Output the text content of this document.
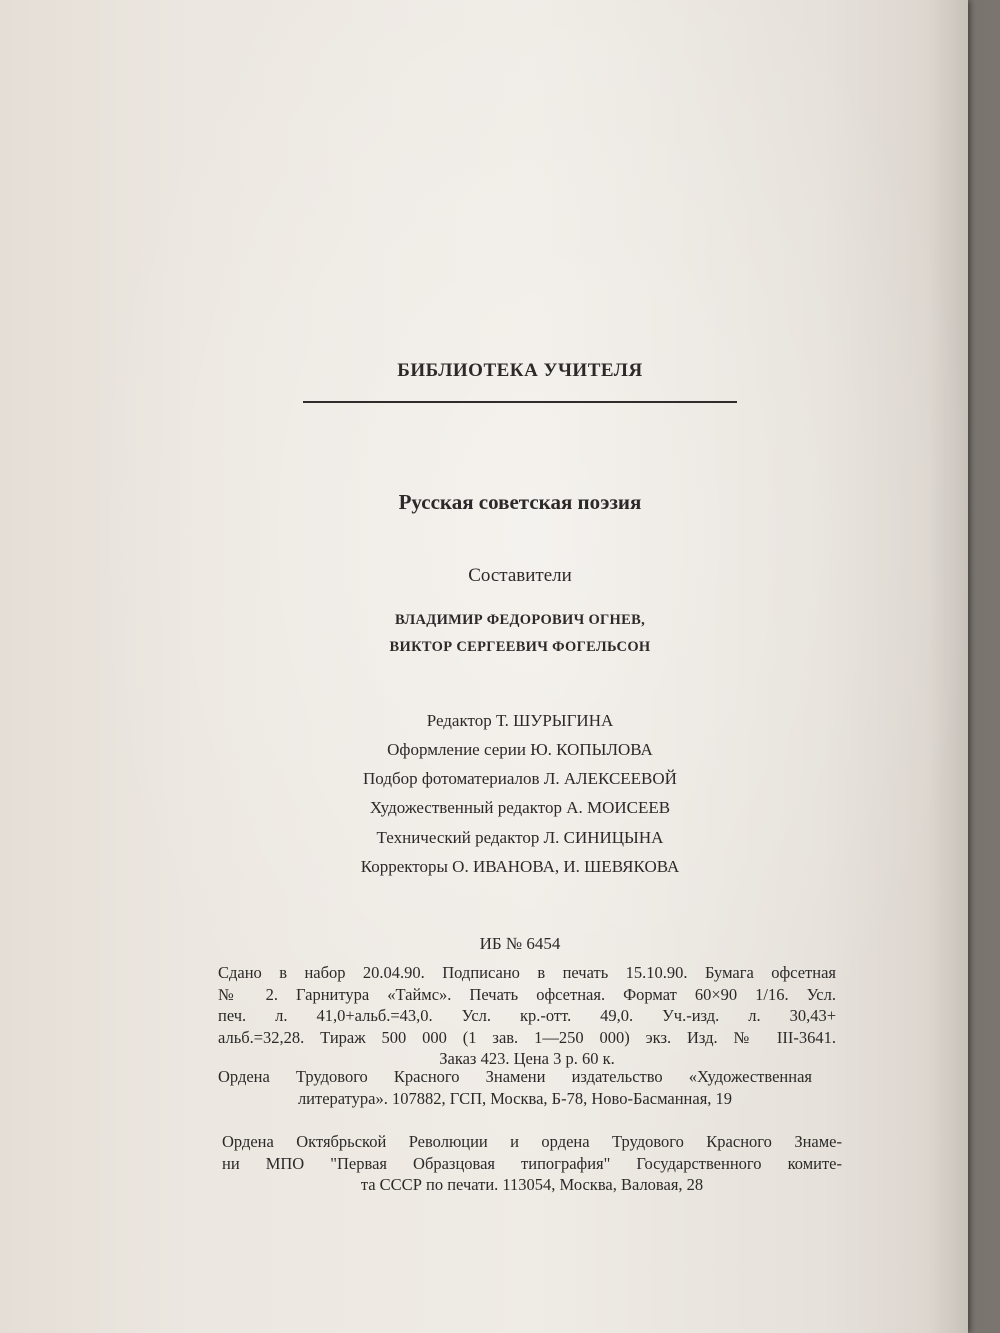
БИБЛИОТЕКА УЧИТЕЛЯ
Русская советская поэзия
Составители
ВЛАДИМИР ФЕДОРОВИЧ ОГНЕВ,
ВИКТОР СЕРГЕЕВИЧ ФОГЕЛЬСОН
Редактор Т. ШУРЫГИНА
Оформление серии Ю. КОПЫЛОВА
Подбор фотоматериалов Л. АЛЕКСЕЕВОЙ
Художественный редактор А. МОИСЕЕВ
Технический редактор Л. СИНИЦЫНА
Корректоры О. ИВАНОВА, И. ШЕВЯКОВА
ИБ № 6454
Сдано в набор 20.04.90. Подписано в печать 15.10.90. Бумага офсетная
№ 2. Гарнитура «Таймс». Печать офсетная. Формат 60×90 1/16. Усл.
печ. л. 41,0+альб.=43,0. Усл. кр.-отт. 49,0. Уч.-изд. л. 30,43+
альб.=32,28. Тираж 500 000 (1 зав. 1—250 000) экз. Изд. № III-3641.
Заказ 423. Цена 3 р. 60 к.
Ордена Трудового Красного Знамени издательство «Художественная
литература». 107882, ГСП, Москва, Б-78, Ново-Басманная, 19
Ордена Октябрьской Революции и ордена Трудового Красного Знаме-
ни МПО "Первая Образцовая типография" Государственного комите-
та СССР по печати. 113054, Москва, Валовая, 28
